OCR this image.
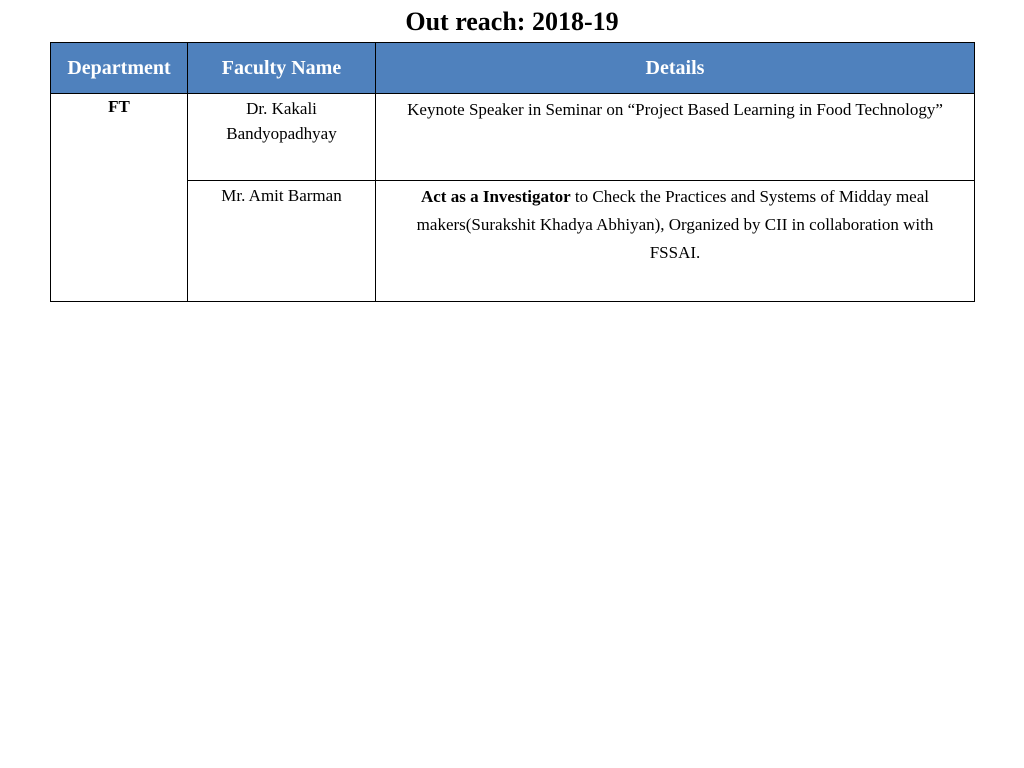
Out reach: 2018-19
Department	Faculty Name	Details
FT	Dr. Kakali Bandyopadhyay	Keynote Speaker in Seminar on “Project Based Learning in Food Technology”

	Mr. Amit Barman	Act as a Investigator to Check the Practices and Systems of Midday meal makers(Surakshit Khadya Abhiyan), Organized by CII in collaboration with FSSAI.
